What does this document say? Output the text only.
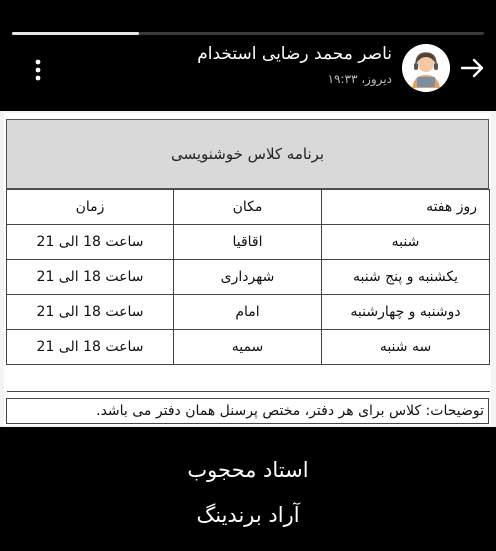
ناصر محمد رضایی استخدام
دیروز، ۱۹:۳۳
برنامه کلاس خوشنویسی
روز هفته	مکان	زمان
شنبه	اقاقیا	ساعت 18 الی 21
یکشنبه و پنج شنبه	شهرداری	ساعت 18 الی 21
دوشنبه و چهارشنبه	امام	ساعت 18 الی 21
سه شنبه	سمیه	ساعت 18 الی 21

توضیحات: کلاس برای هر دفتر، مختص پرسنل همان دفتر می باشد.
استاد محجوب
آراد برندینگ
